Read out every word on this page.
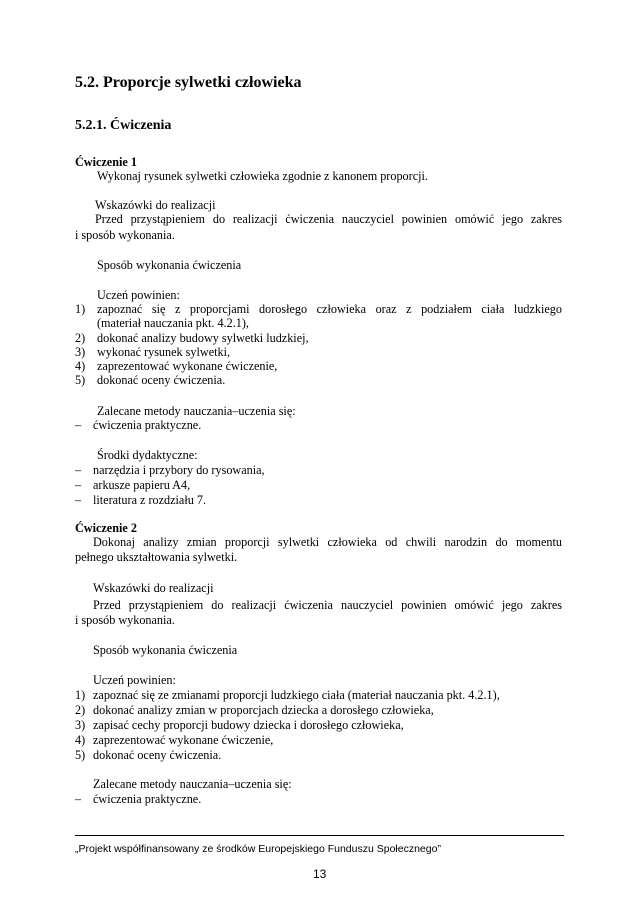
5.2. Proporcje sylwetki człowieka
5.2.1. Ćwiczenia
Ćwiczenie 1
Wykonaj rysunek sylwetki człowieka zgodnie z kanonem proporcji.
Wskazówki do realizacji
Przed przystąpieniem do realizacji ćwiczenia nauczyciel powinien omówić jego zakres
i sposób wykonania.
Sposób wykonania ćwiczenia
Uczeń powinien:
1) zapoznać się z proporcjami dorosłego człowieka oraz z podziałem ciała ludzkiego
(materiał nauczania pkt. 4.2.1),
2) dokonać analizy budowy sylwetki ludzkiej,
3) wykonać rysunek sylwetki,
4) zaprezentować wykonane ćwiczenie,
5) dokonać oceny ćwiczenia.
Zalecane metody nauczania–uczenia się:
– ćwiczenia praktyczne.
Środki dydaktyczne:
– narzędzia i przybory do rysowania,
– arkusze papieru A4,
– literatura z rozdziału 7.
Ćwiczenie 2
Dokonaj analizy zmian proporcji sylwetki człowieka od chwili narodzin do momentu
pełnego ukształtowania sylwetki.
Wskazówki do realizacji
Przed przystąpieniem do realizacji ćwiczenia nauczyciel powinien omówić jego zakres
i sposób wykonania.
Sposób wykonania ćwiczenia
Uczeń powinien:
1) zapoznać się ze zmianami proporcji ludzkiego ciała (materiał nauczania pkt. 4.2.1),
2) dokonać analizy zmian w proporcjach dziecka a dorosłego człowieka,
3) zapisać cechy proporcji budowy dziecka i dorosłego człowieka,
4) zaprezentować wykonane ćwiczenie,
5) dokonać oceny ćwiczenia.
Zalecane metody nauczania–uczenia się:
– ćwiczenia praktyczne.
„Projekt współfinansowany ze środków Europejskiego Funduszu Społecznego”
13
